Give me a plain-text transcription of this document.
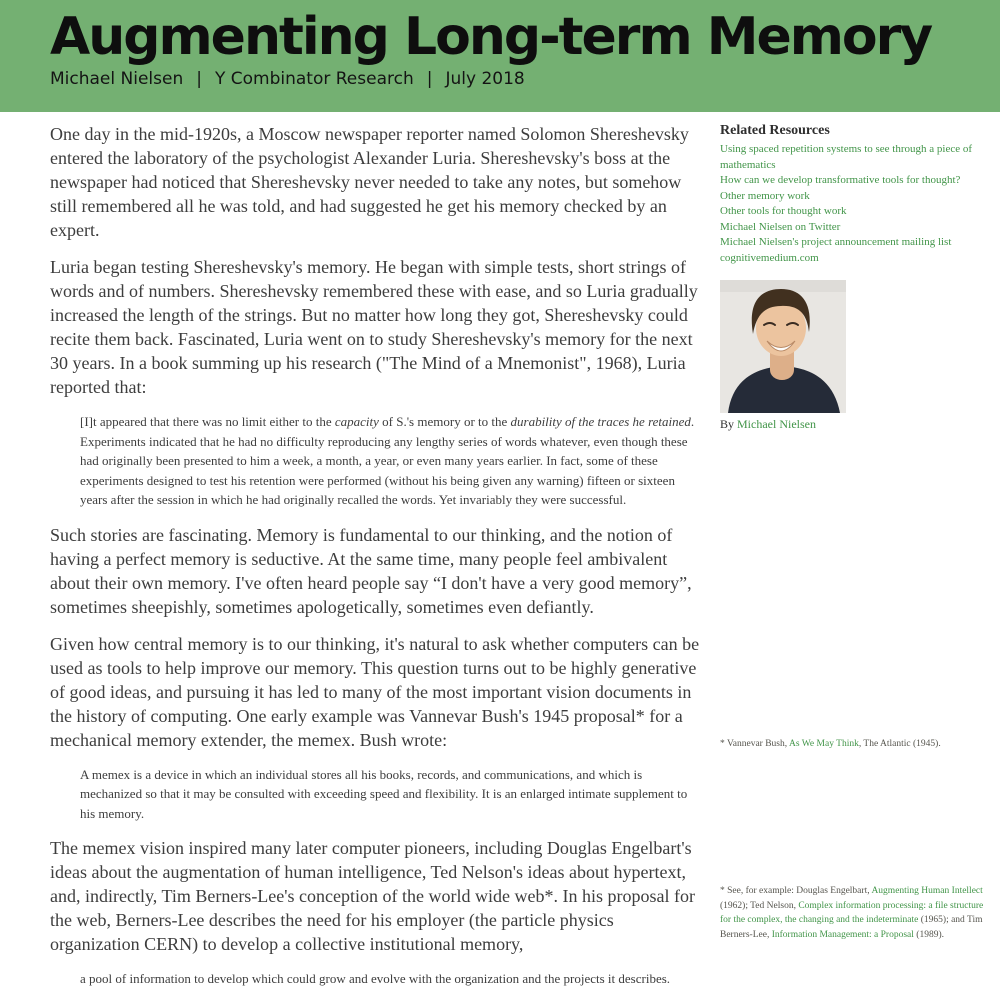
Augmenting Long-term Memory
Michael Nielsen | Y Combinator Research | July 2018

One day in the mid-1920s, a Moscow newspaper reporter named Solomon Shereshevsky entered the laboratory of the psychologist Alexander Luria. Shereshevsky's boss at the newspaper had noticed that Shereshevsky never needed to take any notes, but somehow still remembered all he was told, and had suggested he get his memory checked by an expert.

Luria began testing Shereshevsky's memory. He began with simple tests, short strings of words and of numbers. Shereshevsky remembered these with ease, and so Luria gradually increased the length of the strings. But no matter how long they got, Shereshevsky could recite them back. Fascinated, Luria went on to study Shereshevsky's memory for the next 30 years. In a book summing up his research ("The Mind of a Mnemonist", 1968), Luria reported that:

[I]t appeared that there was no limit either to the capacity of S.'s memory or to the durability of the traces he retained. Experiments indicated that he had no difficulty reproducing any lengthy series of words whatever, even though these had originally been presented to him a week, a month, a year, or even many years earlier. In fact, some of these experiments designed to test his retention were performed (without his being given any warning) fifteen or sixteen years after the session in which he had originally recalled the words. Yet invariably they were successful.

Such stories are fascinating. Memory is fundamental to our thinking, and the notion of having a perfect memory is seductive. At the same time, many people feel ambivalent about their own memory. I've often heard people say “I don't have a very good memory”, sometimes sheepishly, sometimes apologetically, sometimes even defiantly.

Given how central memory is to our thinking, it's natural to ask whether computers can be used as tools to help improve our memory. This question turns out to be highly generative of good ideas, and pursuing it has led to many of the most important vision documents in the history of computing. One early example was Vannevar Bush's 1945 proposal* for a mechanical memory extender, the memex. Bush wrote:

A memex is a device in which an individual stores all his books, records, and communications, and which is mechanized so that it may be consulted with exceeding speed and flexibility. It is an enlarged intimate supplement to his memory.

The memex vision inspired many later computer pioneers, including Douglas Engelbart's ideas about the augmentation of human intelligence, Ted Nelson's ideas about hypertext, and, indirectly, Tim Berners-Lee's conception of the world wide web*. In his proposal for the web, Berners-Lee describes the need for his employer (the particle physics organization CERN) to develop a collective institutional memory,

a pool of information to develop which could grow and evolve with the organization and the projects it describes.
Related Resources
Using spaced repetition systems to see through a piece of mathematics
How can we develop transformative tools for thought?
Other memory work
Other tools for thought work
Michael Nielsen on Twitter
Michael Nielsen's project announcement mailing list
cognitivemedium.com
By Michael Nielsen
* Vannevar Bush, As We May Think, The Atlantic (1945).
* See, for example: Douglas Engelbart, Augmenting Human Intellect (1962); Ted Nelson, Complex information processing: a file structure for the complex, the changing and the indeterminate (1965); and Tim Berners-Lee, Information Management: a Proposal (1989).
